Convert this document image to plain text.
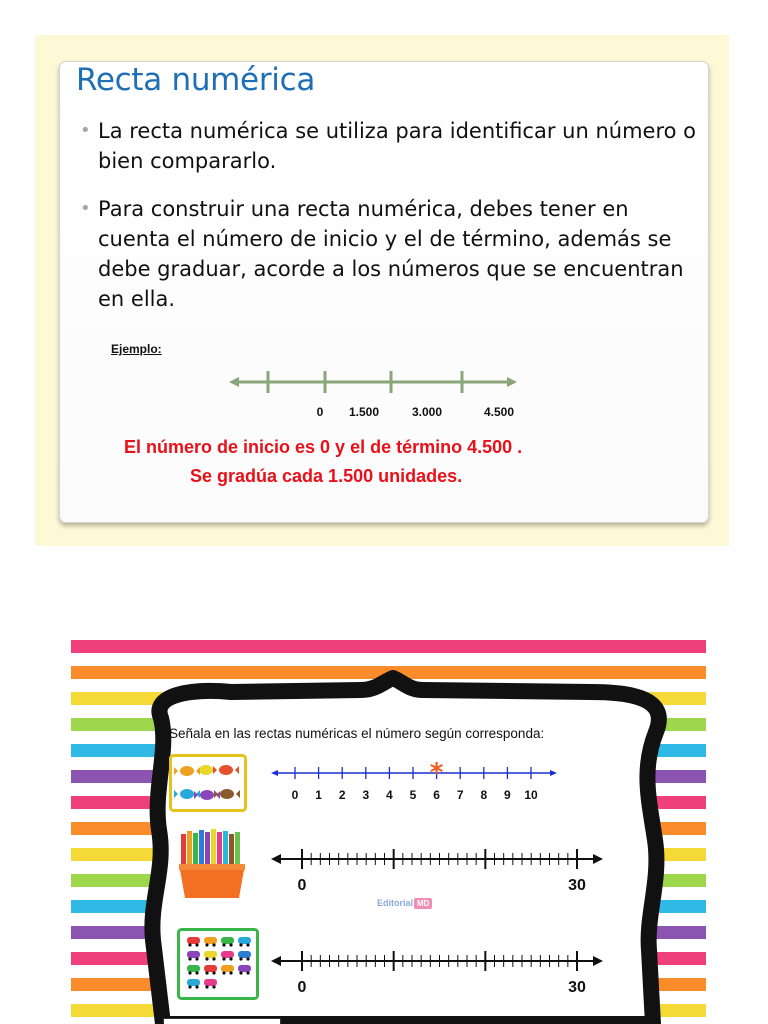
Recta numérica

• La recta numérica se utiliza para identificar un número o bien compararlo.

• Para construir una recta numérica, debes tener en cuenta el número de inicio y el de término, además se debe graduar, acorde a los números que se encuentran en ella.

Ejemplo:
0 1.500	3.000	4.500
El número de inicio es 0 y el de término 4.500 .
Se gradúa cada 1.500 unidades.
Señala en las rectas numéricas el número según corresponda:
0 1 2 3 4 5 6 7 8 9 10
*
0	30
Editorial MD
0	30
